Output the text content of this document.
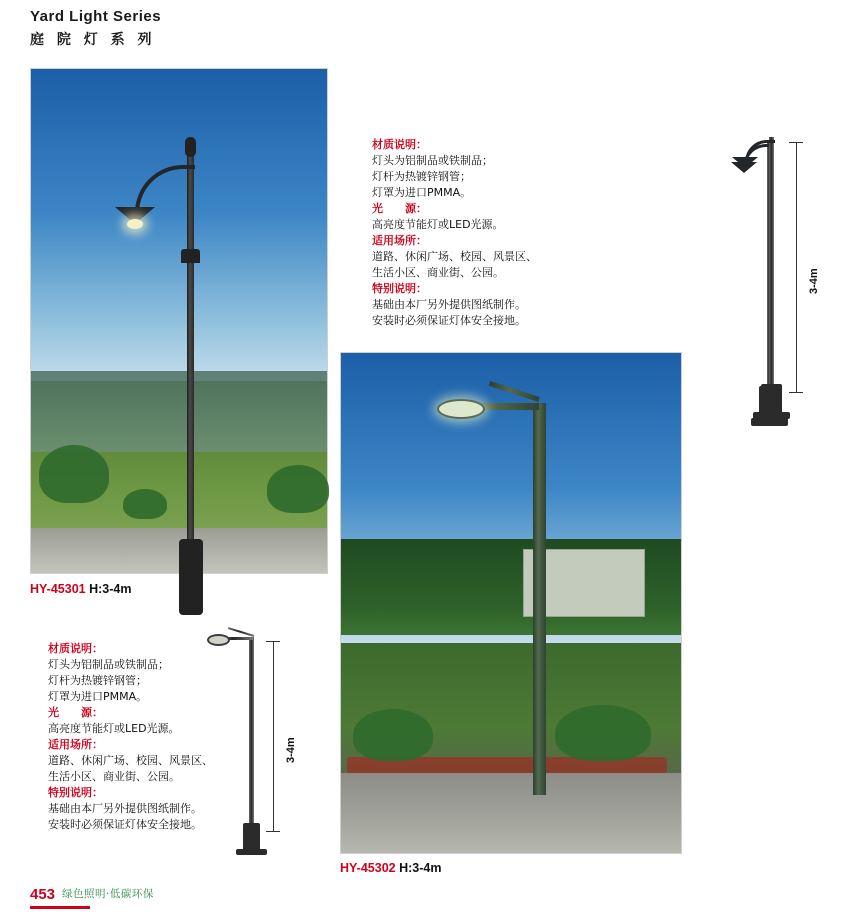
Yard Light Series
庭 院 灯 系 列
HY-45301 H:3-4m
材质说明：
灯头为铝制品或铁制品；
灯杆为热镀锌钢管；
灯罩为进口PMMA。
光　　源：
高亮度节能灯或LED光源。
适用场所：
道路、休闲广场、校园、风景区、
生活小区、商业街、公园。
特别说明：
基础由本厂另外提供图纸制作。
安装时必须保证灯体安全接地。
HY-45302 H:3-4m
材质说明：
灯头为铝制品或铁制品；
灯杆为热镀锌钢管；
灯罩为进口PMMA。
光　　源：
高亮度节能灯或LED光源。
适用场所：
道路、休闲广场、校园、风景区、
生活小区、商业街、公园。
特别说明：
基础由本厂另外提供图纸制作。
安装时必须保证灯体安全接地。
3-4m
3-4m
453 绿色照明·低碳环保
